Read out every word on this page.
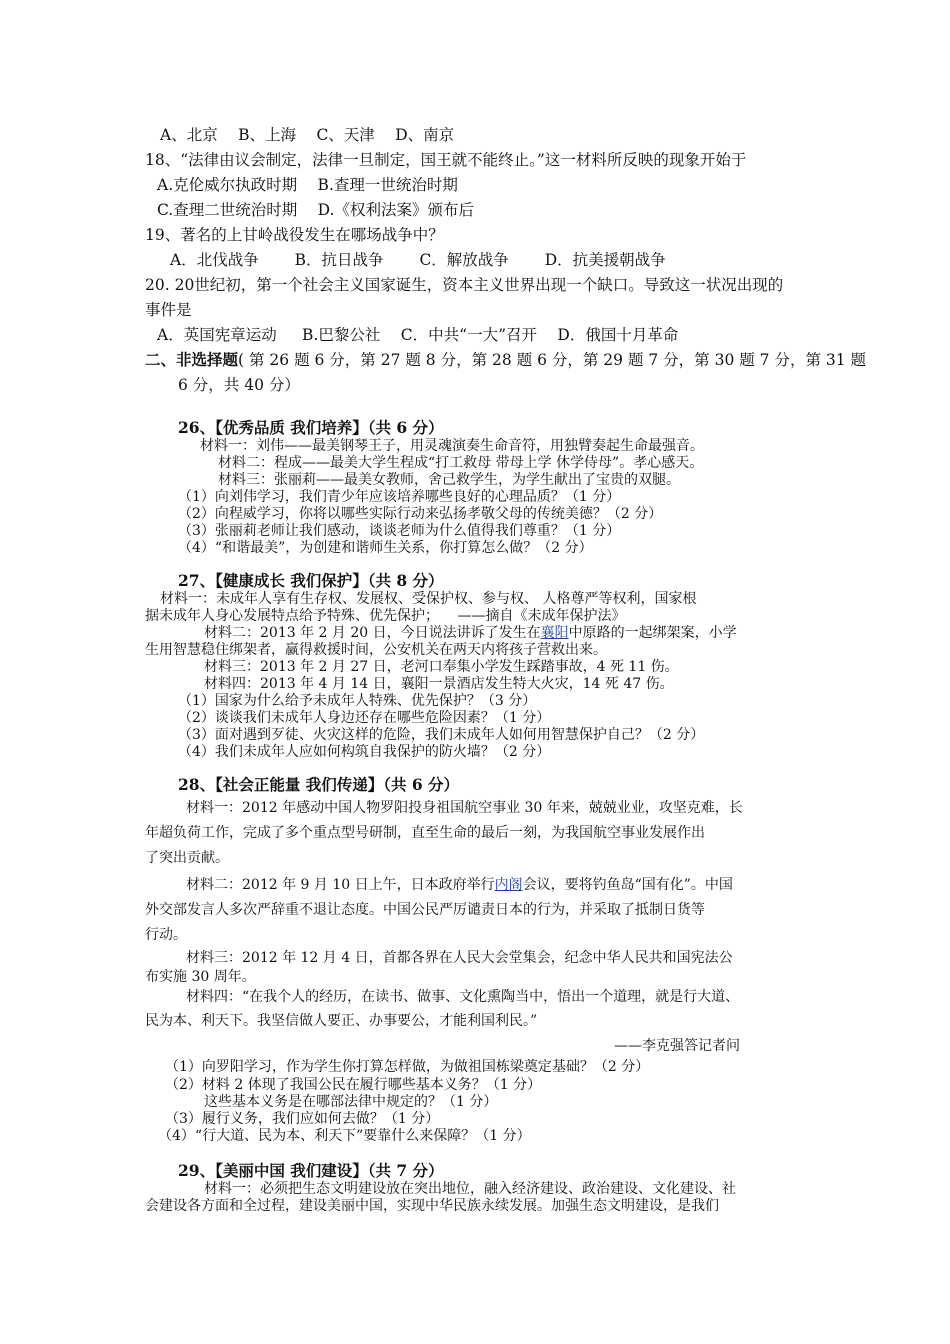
A、北京 　B、上海 　C、天津 　D、南京
18、“法律由议会制定，法律一旦制定，国王就不能终止。”这一材料所反映的现象开始于
A.克伦威尔执政时期 　B.查理一世统治时期
C.查理二世统治时期 　D.《权利法案》颁布后
19、著名的上甘岭战役发生在哪场战争中？
A．北伐战争 　　B．抗日战争 　　C．解放战争 　　D．抗美援朝战争
20. 20世纪初，第一个社会主义国家诞生，资本主义世界出现一个缺口。导致这一状况出现的
事件是
A．英国宪章运动 　 B.巴黎公社 　C．中共“一大”召开 　D．俄国十月革命
二、非选择题( 第 26 题 6 分，第 27 题 8 分，第 28 题 6 分，第 29 题 7 分，第 30 题 7 分，第 31 题
6 分，共 40 分）
26、【优秀品质 我们培养】（共 6 分）
材料一：刘伟——最美钢琴王子，用灵魂演奏生命音符，用独臂奏起生命最强音。
材料二：程成——最美大学生程成“打工救母 带母上学 休学侍母”。孝心感天。
材料三：张丽莉——最美女教师，舍己救学生，为学生献出了宝贵的双腿。
（1）向刘伟学习，我们青少年应该培养哪些良好的心理品质？（1 分）
（2）向程威学习，你将以哪些实际行动来弘扬孝敬父母的传统美德？（2 分）
（3）张丽莉老师让我们感动，谈谈老师为什么值得我们尊重？（1 分）
（4）“和谐最美”，为创建和谐师生关系，你打算怎么做？（2 分）
27、【健康成长 我们保护】（共 8 分）
材料一：未成年人享有生存权、发展权、受保护权、参与权、 人格尊严等权利，国家根
据未成年人身心发展特点给予特殊、优先保护； 　——摘自《未成年保护法》
材料二：2013 年 2 月 20 日，今日说法讲诉了发生在襄阳中原路的一起绑架案，小学
生用智慧稳住绑架者，赢得救援时间，公安机关在两天内将孩子营救出来。
材料三：2013 年 2 月 27 日，老河口奉集小学发生踩踏事故，4 死 11 伤。
材料四：2013 年 4 月 14 日，襄阳一景酒店发生特大火灾，14 死 47 伤。
（1）国家为什么给予未成年人特殊、优先保护？（3 分）
（2）谈谈我们未成年人身边还存在哪些危险因素？（1 分）
（3）面对遇到歹徒、火灾这样的危险，我们未成年人如何用智慧保护自己？（2 分）
（4）我们未成年人应如何构筑自我保护的防火墙？（2 分）
28、【社会正能量 我们传递】（共 6 分）
材料一：2012 年感动中国人物罗阳投身祖国航空事业 30 年来，兢兢业业，攻坚克难，长
年超负荷工作，完成了多个重点型号研制，直至生命的最后一刻，为我国航空事业发展作出
了突出贡献。
材料二：2012 年 9 月 10 日上午，日本政府举行内阁会议，要将钓鱼岛“国有化”。中国
外交部发言人多次严辞重不退让态度。中国公民严厉谴责日本的行为，并采取了抵制日货等
行动。
材料三：2012 年 12 月 4 日，首都各界在人民大会堂集会，纪念中华人民共和国宪法公
布实施 30 周年。
材料四：“在我个人的经历，在读书、做事、文化熏陶当中，悟出一个道理，就是行大道、
民为本、利天下。我坚信做人要正、办事要公，才能利国利民。”
——李克强答记者问
（1）向罗阳学习，作为学生你打算怎样做，为做祖国栋梁奠定基础？（2 分）
（2）材料 2 体现了我国公民在履行哪些基本义务？（1 分）
这些基本义务是在哪部法律中规定的？（1 分）
（3）履行义务，我们应如何去做？（1 分）
（4）“行大道、民为本、利天下”要靠什么来保障？（1 分）
29、【美丽中国 我们建设】（共 7 分）
材料一：必须把生态文明建设放在突出地位，融入经济建设、政治建设、文化建设、社
会建设各方面和全过程，建设美丽中国，实现中华民族永续发展。加强生态文明建设，是我们
